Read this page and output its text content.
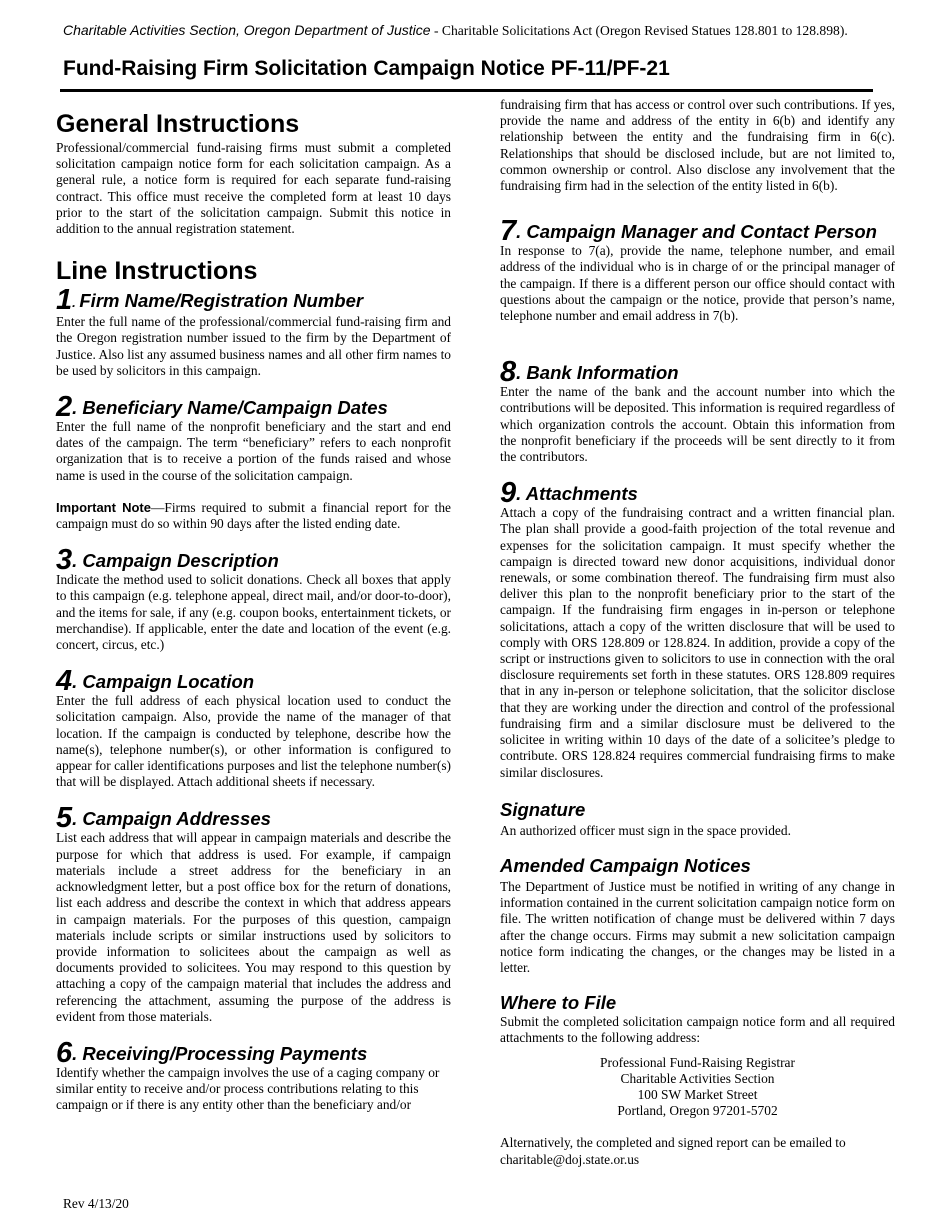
Charitable Activities Section, Oregon Department of Justice - Charitable Solicitations Act (Oregon Revised Statues 128.801 to 128.898).
Fund-Raising Firm Solicitation Campaign Notice PF-11/PF-21
General Instructions

Professional/commercial fund-raising firms must submit a completed solicitation campaign notice form for each solicitation campaign. As a general rule, a notice form is required for each separate fund-raising contract. This office must receive the completed form at least 10 days prior to the start of the solicitation campaign. Submit this notice in addition to the annual registration statement.

Line Instructions
1. Firm Name/Registration Number

Enter the full name of the professional/commercial fund-raising firm and the Oregon registration number issued to the firm by the Department of Justice. Also list any assumed business names and all other firm names to be used by solicitors in this campaign.

2. Beneficiary Name/Campaign Dates

Enter the full name of the nonprofit beneficiary and the start and end dates of the campaign. The term “beneficiary” refers to each nonprofit organization that is to receive a portion of the funds raised and whose name is used in the course of the solicitation campaign.

Important Note—Firms required to submit a financial report for the campaign must do so within 90 days after the listed ending date.

3. Campaign Description

Indicate the method used to solicit donations. Check all boxes that apply to this campaign (e.g. telephone appeal, direct mail, and/or door-to-door), and the items for sale, if any (e.g. coupon books, entertainment tickets, or merchandise). If applicable, enter the date and location of the event (e.g. concert, circus, etc.)

4. Campaign Location

Enter the full address of each physical location used to conduct the solicitation campaign. Also, provide the name of the manager of that location. If the campaign is conducted by telephone, describe how the name(s), telephone number(s), or other information is configured to appear for caller identifications purposes and list the telephone number(s) that will be displayed. Attach additional sheets if necessary.

5. Campaign Addresses

List each address that will appear in campaign materials and describe the purpose for which that address is used. For example, if campaign materials include a street address for the beneficiary in an acknowledgment letter, but a post office box for the return of donations, list each address and describe the context in which that address appears in campaign materials. For the purposes of this question, campaign materials include scripts or similar instructions used by solicitors to provide information to solicitees about the campaign as well as documents provided to solicitees. You may respond to this question by attaching a copy of the campaign material that includes the address and referencing the attachment, assuming the purpose of the address is evident from those materials.

6. Receiving/Processing Payments

Identify whether the campaign involves the use of a caging company or similar entity to receive and/or process contributions relating to this campaign or if there is any entity other than the beneficiary and/or

fundraising firm that has access or control over such contributions. If yes, provide the name and address of the entity in 6(b) and identify any relationship between the entity and the fundraising firm in 6(c). Relationships that should be disclosed include, but are not limited to, common ownership or control. Also disclose any involvement that the fundraising firm had in the selection of the entity listed in 6(b).

7. Campaign Manager and Contact Person

In response to 7(a), provide the name, telephone number, and email address of the individual who is in charge of or the principal manager of the campaign. If there is a different person our office should contact with questions about the campaign or the notice, provide that person’s name, telephone number and email address in 7(b).

8. Bank Information

Enter the name of the bank and the account number into which the contributions will be deposited. This information is required regardless of which organization controls the account. Obtain this information from the nonprofit beneficiary if the proceeds will be sent directly to it from the contributors.

9. Attachments

Attach a copy of the fundraising contract and a written financial plan. The plan shall provide a good-faith projection of the total revenue and expenses for the solicitation campaign. It must specify whether the campaign is directed toward new donor acquisitions, individual donor renewals, or some combination thereof. The fundraising firm must also deliver this plan to the nonprofit beneficiary prior to the start of the campaign. If the fundraising firm engages in in-person or telephone solicitations, attach a copy of the written disclosure that will be used to comply with ORS 128.809 or 128.824. In addition, provide a copy of the script or instructions given to solicitors to use in connection with the oral disclosure requirements set forth in these statutes. ORS 128.809 requires that in any in-person or telephone solicitation, that the solicitor disclose that they are working under the direction and control of the professional fundraising firm and a similar disclosure must be delivered to the solicitee in writing within 10 days of the date of a solicitee’s pledge to contribute. ORS 128.824 requires commercial fundraising firms to make similar disclosures.

Signature

An authorized officer must sign in the space provided.

Amended Campaign Notices

The Department of Justice must be notified in writing of any change in information contained in the current solicitation campaign notice form on file. The written notification of change must be delivered within 7 days after the change occurs. Firms may submit a new solicitation campaign notice form indicating the changes, or the changes may be listed in a letter.

Where to File

Submit the completed solicitation campaign notice form and all required attachments to the following address:

Professional Fund-Raising Registrar

Charitable Activities Section

100 SW Market Street

Portland, Oregon 97201-5702

Alternatively, the completed and signed report can be emailed to

charitable@doj.state.or.us

Rev 4/13/20
